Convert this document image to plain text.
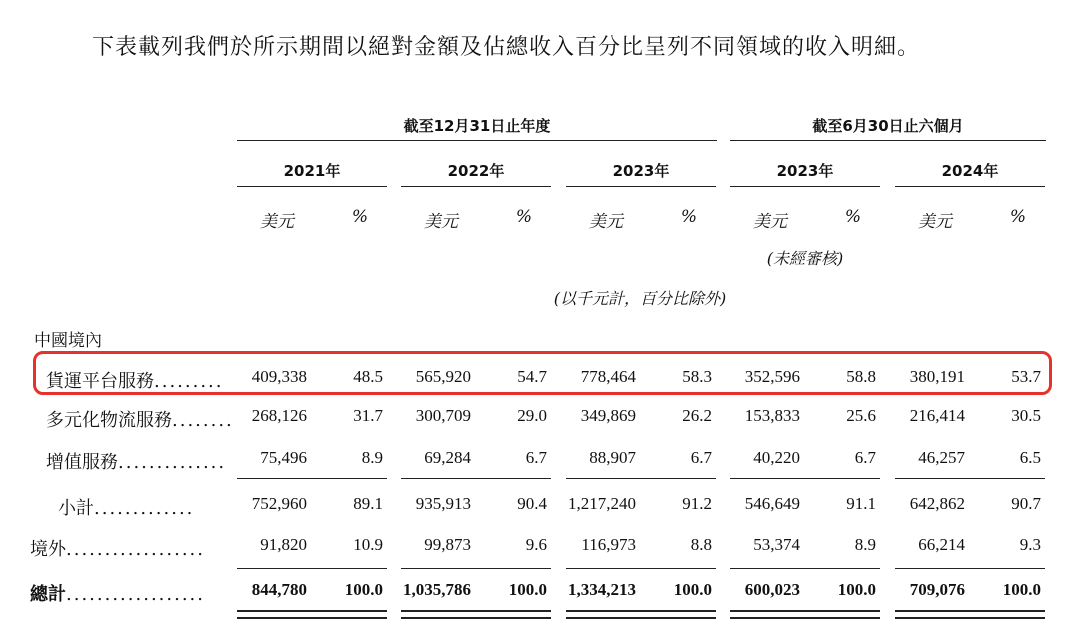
下表載列我們於所示期間以絕對金額及佔總收入百分比呈列不同領域的收入明細。
截至12月31日止年度	截至6月30日止六個月
2021年	2022年	2023年	2023年	2024年
美元	%	美元	%	美元	%	美元	%	美元	%
(未經審核)
(以千元計，百分比除外)
中國境內
貨運平台服務.........	409,338	48.5	565,920	54.7	778,464	58.3	352,596	58.8	380,191	53.7
多元化物流服務........	268,126	31.7	300,709	29.0	349,869	26.2	153,833	25.6	216,414	30.5
增值服務..............	75,496	8.9	69,284	6.7	88,907	6.7	40,220	6.7	46,257	6.5
小計.............	752,960	89.1	935,913	90.4	1,217,240	91.2	546,649	91.1	642,862	90.7
境外..................	91,820	10.9	99,873	9.6	116,973	8.8	53,374	8.9	66,214	9.3
總計..................	844,780	100.0	1,035,786	100.0	1,334,213	100.0	600,023	100.0	709,076	100.0
